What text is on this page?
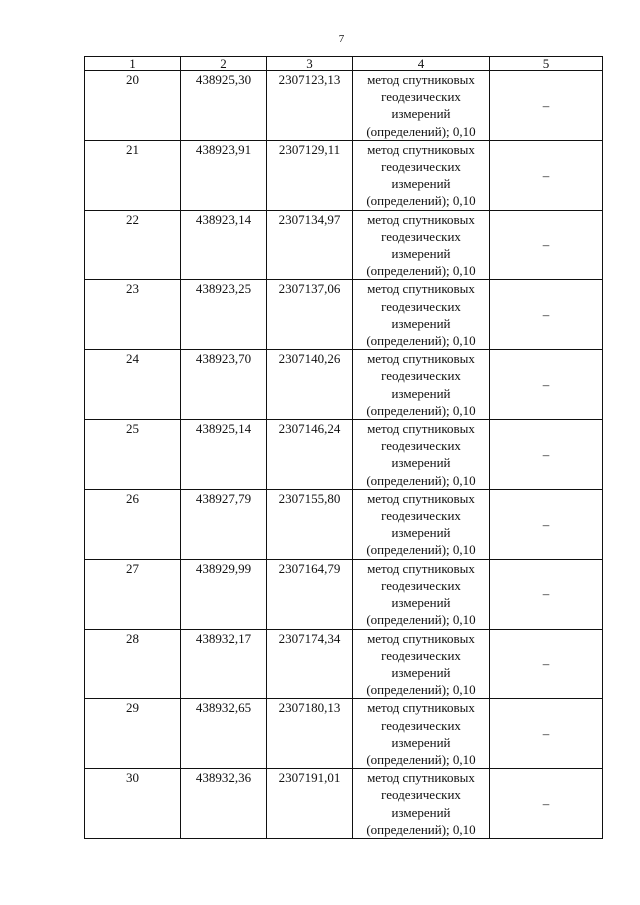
7
1	2	3	4	5
20	438925,30	2307123,13	метод спутниковых геодезических измерений (определений); 0,10	–
21	438923,91	2307129,11	метод спутниковых геодезических измерений (определений); 0,10	–
22	438923,14	2307134,97	метод спутниковых геодезических измерений (определений); 0,10	–
23	438923,25	2307137,06	метод спутниковых геодезических измерений (определений); 0,10	–
24	438923,70	2307140,26	метод спутниковых геодезических измерений (определений); 0,10	–
25	438925,14	2307146,24	метод спутниковых геодезических измерений (определений); 0,10	–
26	438927,79	2307155,80	метод спутниковых геодезических измерений (определений); 0,10	–
27	438929,99	2307164,79	метод спутниковых геодезических измерений (определений); 0,10	–
28	438932,17	2307174,34	метод спутниковых геодезических измерений (определений); 0,10	–
29	438932,65	2307180,13	метод спутниковых геодезических измерений (определений); 0,10	–
30	438932,36	2307191,01	метод спутниковых геодезических измерений (определений); 0,10	–
